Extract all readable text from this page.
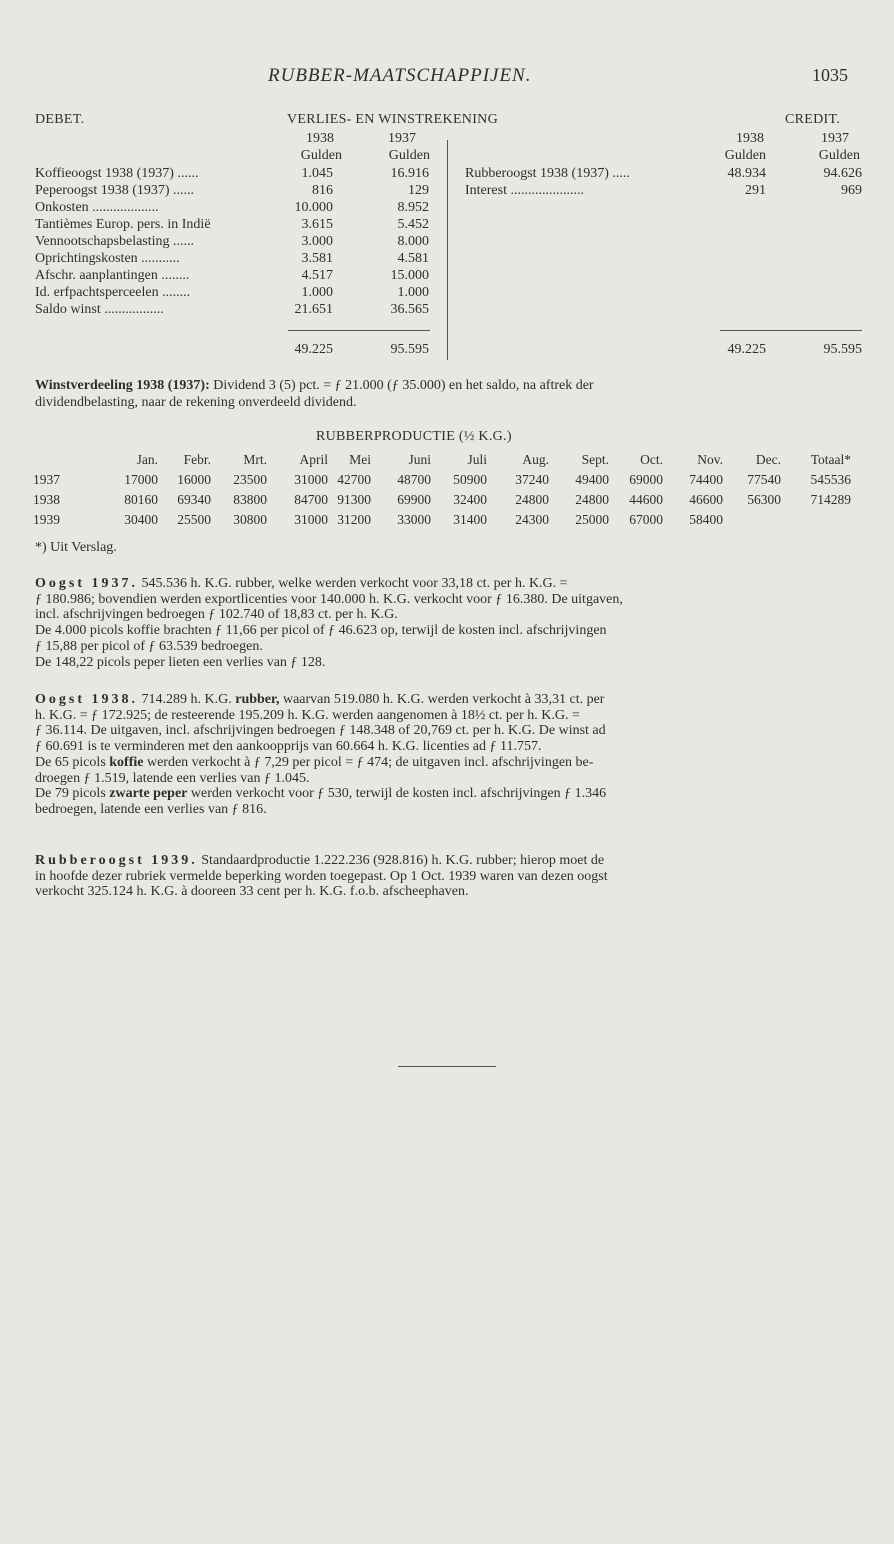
RUBBER-MAATSCHAPPIJEN.	1035
DEBET.	VERLIES- EN WINSTREKENING	CREDIT.
1938	1937
Gulden	Gulden
1938	1937
Gulden	Gulden
Koffieoogst 1938 (1937) ......	1.045	16.916
Peperoogst 1938 (1937) ......	816	129
Onkosten ...................	10.000	8.952
Tantièmes Europ. pers. in Indië	3.615	5.452
Vennootschapsbelasting ......	3.000	8.000
Oprichtingskosten ...........	3.581	4.581
Afschr. aanplantingen ........	4.517	15.000
Id. erfpachtsperceelen ........	1.000	1.000
Saldo winst .................	21.651	36.565
Rubberoogst 1938 (1937) .....	48.934	94.626
Interest .....................	291	969
49.225	95.595	49.225	95.595
Winstverdeeling 1938 (1937): Dividend 3 (5) pct. = ƒ 21.000 (ƒ 35.000) en het saldo, na aftrek der
dividendbelasting, naar de rekening onverdeeld dividend.
RUBBERPRODUCTIE (½ K.G.)
	Jan.	Febr.	Mrt.	April	Mei	Juni	Juli	Aug.	Sept.	Oct.	Nov.	Dec.	Totaal*
1937	17000	16000	23500	31000	42700	48700	50900	37240	49400	69000	74400	77540	545536
1938	80160	69340	83800	84700	91300	69900	32400	24800	24800	44600	46600	56300	714289
1939	30400	25500	30800	31000	31200	33000	31400	24300	25000	67000	58400		
*) Uit Verslag.
Oogst 1937. 545.536 h. K.G. rubber, welke werden verkocht voor 33,18 ct. per h. K.G. =
ƒ 180.986; bovendien werden exportlicenties voor 140.000 h. K.G. verkocht voor ƒ 16.380. De uitgaven,
incl. afschrijvingen bedroegen ƒ 102.740 of 18,83 ct. per h. K.G.
De 4.000 picols koffie brachten ƒ 11,66 per picol of ƒ 46.623 op, terwijl de kosten incl. afschrijvingen
ƒ 15,88 per picol of ƒ 63.539 bedroegen.
De 148,22 picols peper lieten een verlies van ƒ 128.
Oogst 1938. 714.289 h. K.G. rubber, waarvan 519.080 h. K.G. werden verkocht à 33,31 ct. per
h. K.G. = ƒ 172.925; de resteerende 195.209 h. K.G. werden aangenomen à 18½ ct. per h. K.G. =
ƒ 36.114. De uitgaven, incl. afschrijvingen bedroegen ƒ 148.348 of 20,769 ct. per h. K.G. De winst ad
ƒ 60.691 is te verminderen met den aankoopprijs van 60.664 h. K.G. licenties ad ƒ 11.757.
De 65 picols koffie werden verkocht à ƒ 7,29 per picol = ƒ 474; de uitgaven incl. afschrijvingen be-
droegen ƒ 1.519, latende een verlies van ƒ 1.045.
De 79 picols zwarte peper werden verkocht voor ƒ 530, terwijl de kosten incl. afschrijvingen ƒ 1.346
bedroegen, latende een verlies van ƒ 816.
Rubberoogst 1939. Standaardproductie 1.222.236 (928.816) h. K.G. rubber; hierop moet de
in hoofde dezer rubriek vermelde beperking worden toegepast. Op 1 Oct. 1939 waren van dezen oogst
verkocht 325.124 h. K.G. à dooreen 33 cent per h. K.G. f.o.b. afscheephaven.
